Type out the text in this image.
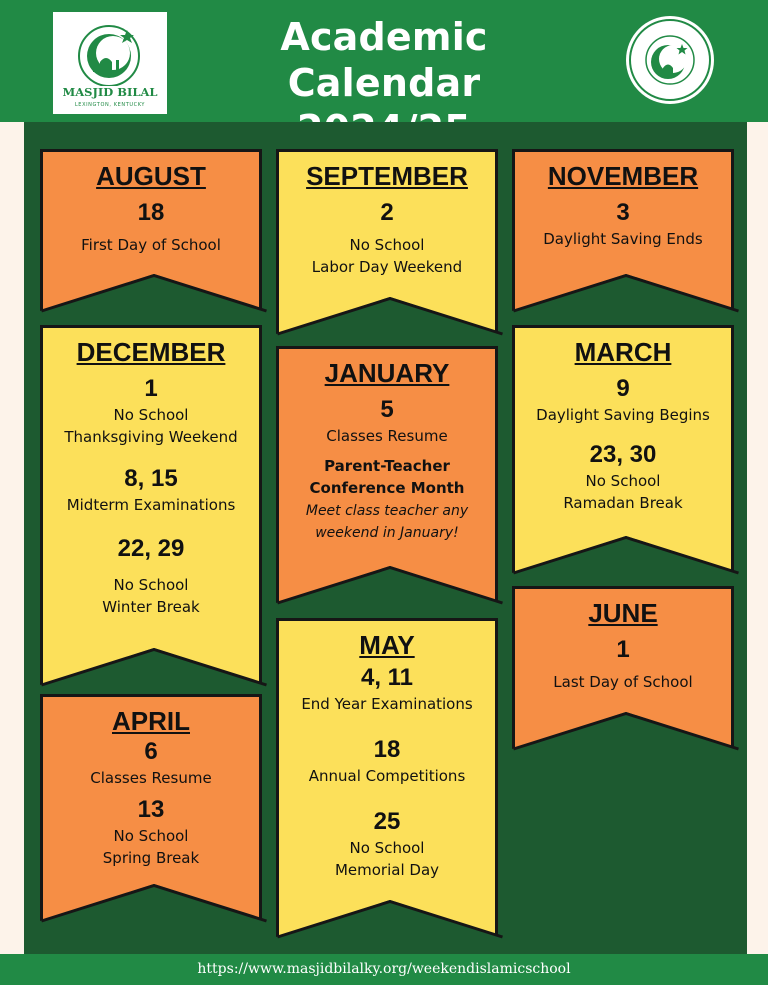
MASJID BILAL
LEXINGTON, KENTUCKY
Academic Calendar
AUGUST
18
First Day of School
SEPTEMBER
2
No School
Labor Day Weekend
NOVEMBER
3
Daylight Saving Ends
DECEMBER
1
No School
Thanksgiving Weekend
8, 15
Midterm Examinations
22, 29
No School
Winter Break
JANUARY
5
Classes Resume
Parent-Teacher
Conference Month
Meet class teacher any
weekend in January!
MARCH
9
Daylight Saving Begins
23, 30
No School
Ramadan Break
JUNE
1
Last Day of School
APRIL
6
Classes Resume
13
No School
Spring Break
MAY
4, 11
End Year Examinations
18
Annual Competitions
25
No School
Memorial Day
https://www.masjidbilalky.org/weekendislamicschool
